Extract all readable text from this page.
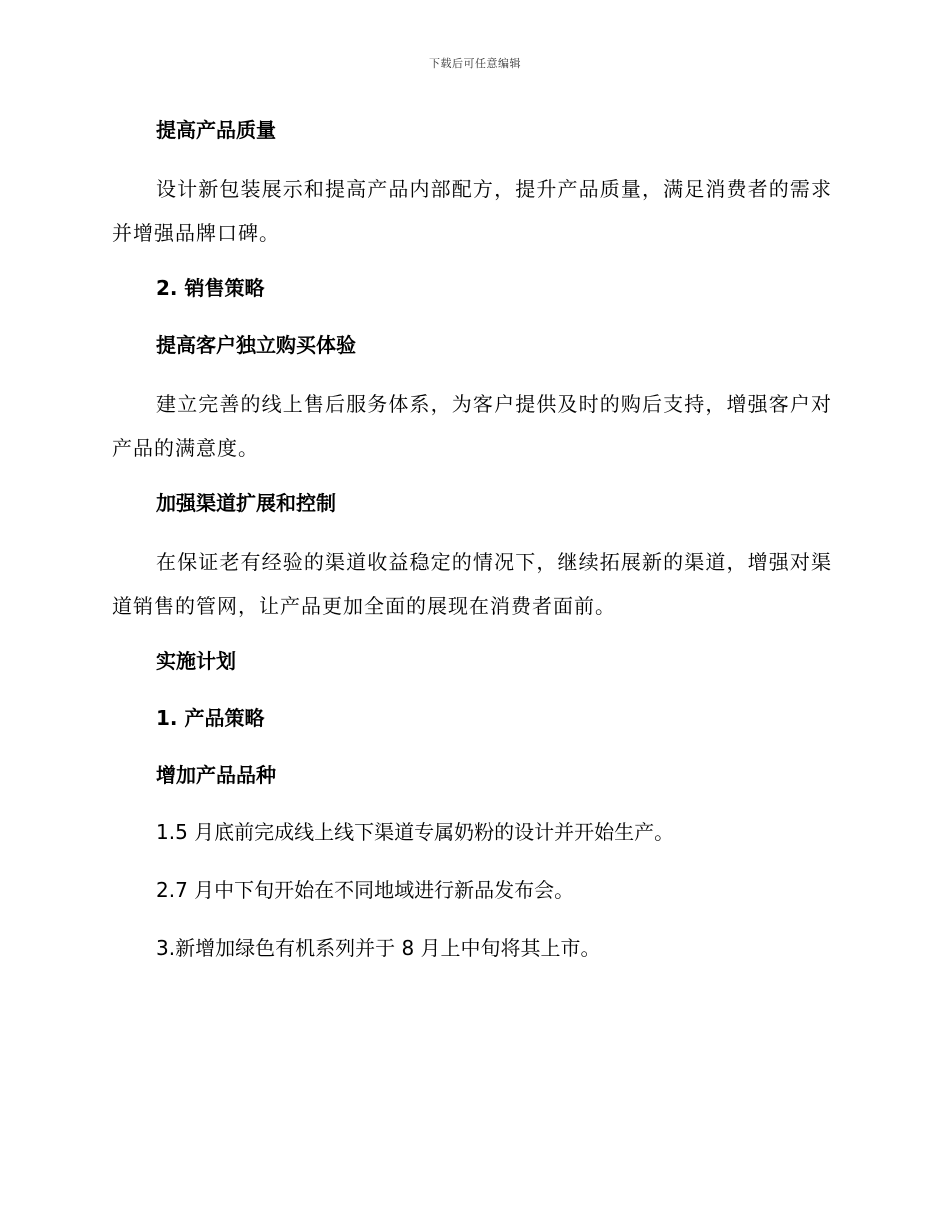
下载后可任意编辑
提高产品质量
设计新包装展示和提高产品内部配方，提升产品质量，满足消费者的需求并增强品牌口碑。
2. 销售策略
提高客户独立购买体验
建立完善的线上售后服务体系，为客户提供及时的购后支持，增强客户对产品的满意度。
加强渠道扩展和控制
在保证老有经验的渠道收益稳定的情况下，继续拓展新的渠道，增强对渠道销售的管网，让产品更加全面的展现在消费者面前。
实施计划
1. 产品策略
增加产品品种
1.5 月底前完成线上线下渠道专属奶粉的设计并开始生产。
2.7 月中下旬开始在不同地域进行新品发布会。
3.新增加绿色有机系列并于 8 月上中旬将其上市。
